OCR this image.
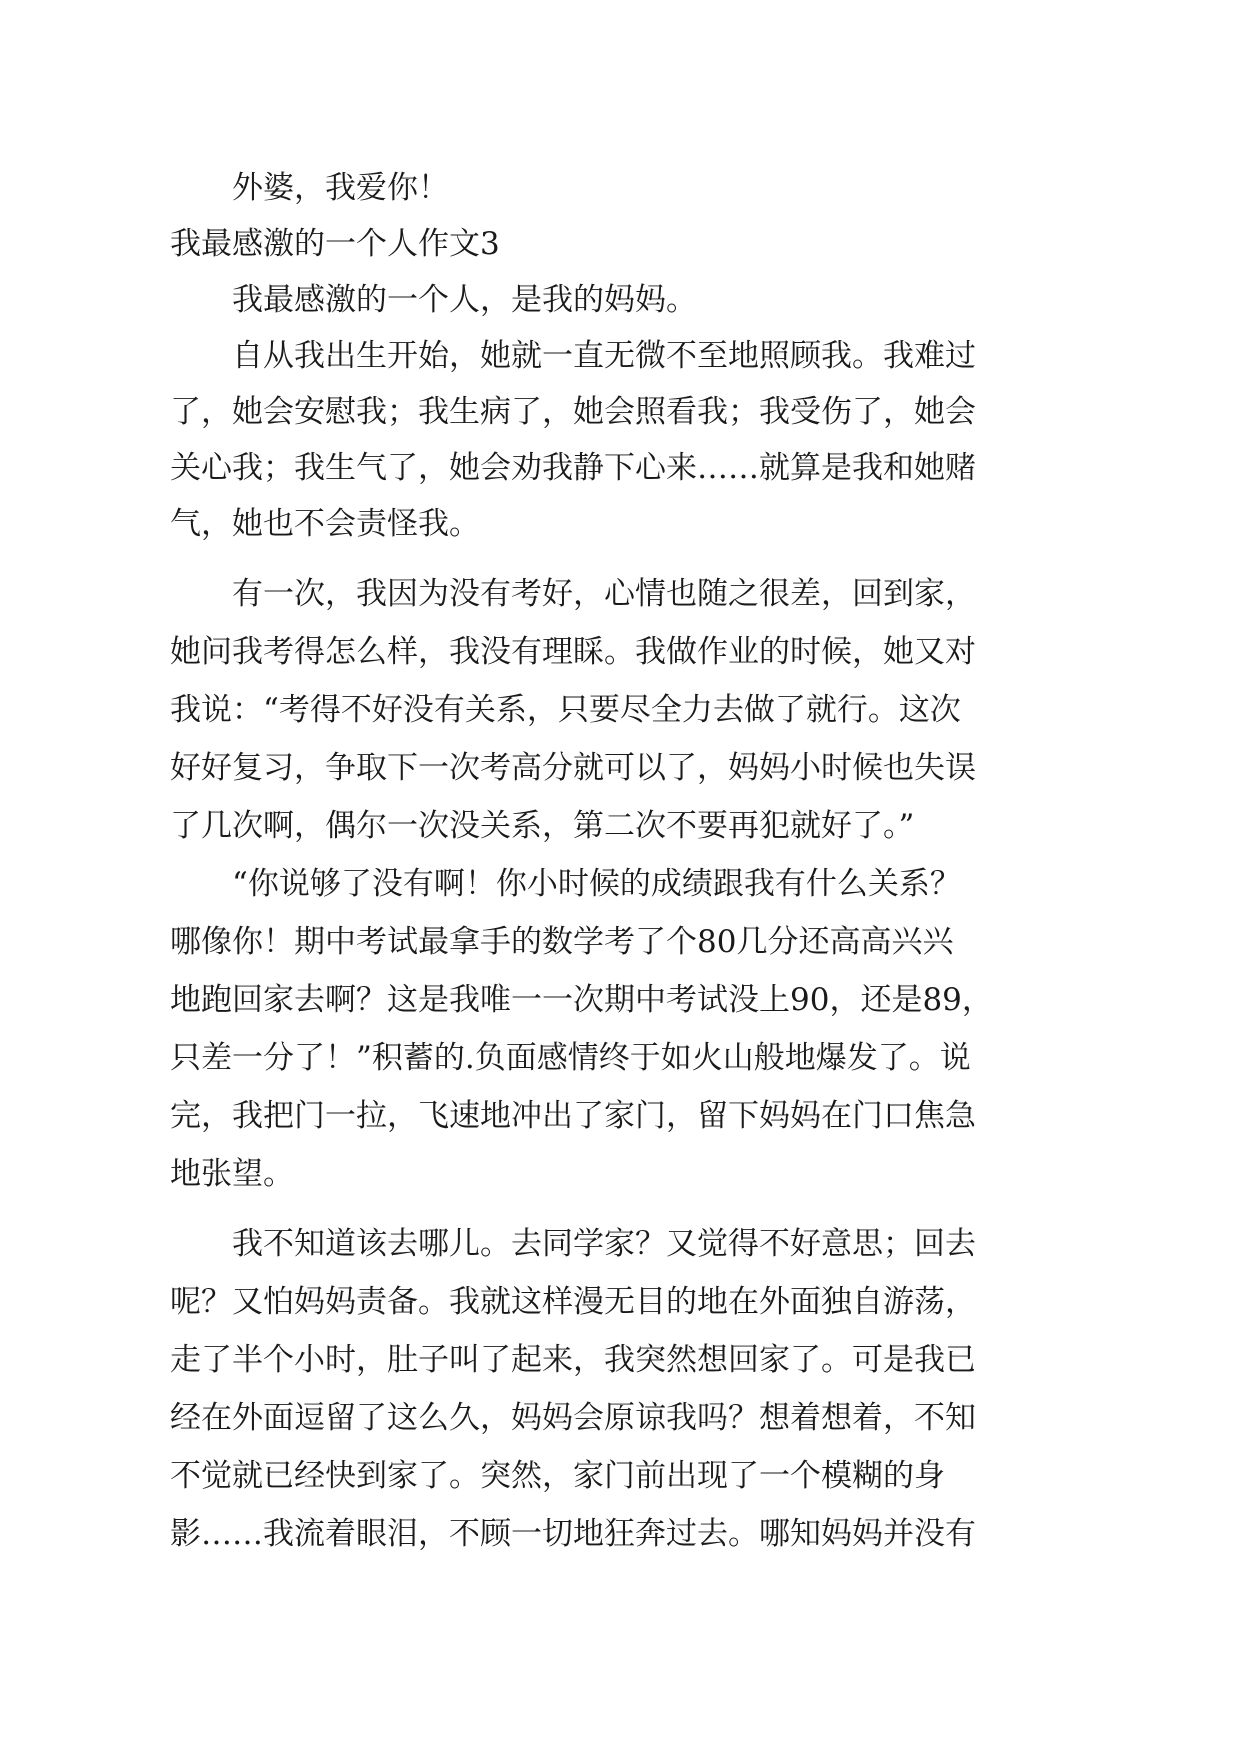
外婆，我爱你！
我最感激的一个人作文3
我最感激的一个人，是我的妈妈。
自从我出生开始，她就一直无微不至地照顾我。我难过
了，她会安慰我；我生病了，她会照看我；我受伤了，她会
关心我；我生气了，她会劝我静下心来……就算是我和她赌
气，她也不会责怪我。
有一次，我因为没有考好，心情也随之很差，回到家，
她问我考得怎么样，我没有理睬。我做作业的时候，她又对
我说：“考得不好没有关系，只要尽全力去做了就行。这次
好好复习，争取下一次考高分就可以了，妈妈小时候也失误
了几次啊，偶尔一次没关系，第二次不要再犯就好了。”
“你说够了没有啊！你小时候的成绩跟我有什么关系？
哪像你！期中考试最拿手的数学考了个80几分还高高兴兴
地跑回家去啊？这是我唯一一次期中考试没上90，还是89，
只差一分了！”积蓄的.负面感情终于如火山般地爆发了。说
完，我把门一拉，飞速地冲出了家门，留下妈妈在门口焦急
地张望。
我不知道该去哪儿。去同学家？又觉得不好意思；回去
呢？又怕妈妈责备。我就这样漫无目的地在外面独自游荡，
走了半个小时，肚子叫了起来，我突然想回家了。可是我已
经在外面逗留了这么久，妈妈会原谅我吗？想着想着，不知
不觉就已经快到家了。突然，家门前出现了一个模糊的身
影……我流着眼泪，不顾一切地狂奔过去。哪知妈妈并没有
